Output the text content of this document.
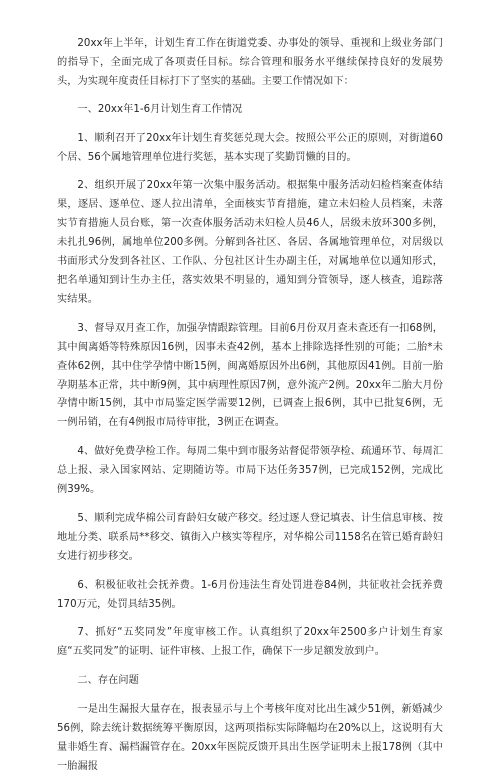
20xx年上半年，计划生育工作在街道党委、办事处的领导、重视和上级业务部门的指导下，全面完成了各项责任目标。综合管理和服务水平继续保持良好的发展势头，为实现年度责任目标打下了坚实的基础。主要工作情况如下：

一、20xx年1-6月计划生育工作情况

1、顺利召开了20xx年计划生育奖惩兑现大会。按照公平公正的原则，对街道60个居、56个属地管理单位进行奖惩，基本实现了奖勤罚懒的目的。

2、组织开展了20xx年第一次集中服务活动。根据集中服务活动妇检档案查体结果，逐居、逐单位、逐人拉出清单，全面核实节育措施，建立未妇检人员档案，未落实节育措施人员台账，第一次查体服务活动未妇检人员46人，居级未放环300多例，未扎扎96例，属地单位200多例。分解到各社区、各居、各属地管理单位，对居级以书面形式分发到各社区、工作队、分包社区计生办副主任，对属地单位以通知形式，把名单通知到计生办主任，落实效果不明显的，通知到分管领导，逐人核查，追踪落实结果。

3、督导双月查工作，加强孕情跟踪管理。目前6月份双月查未查还有一扣68例，其中闽离婚等特殊原因16例，因事未查42例，基本上排除选择性别的可能；二胎*未查体62例，其中住学孕情中断15例，闽离婚原因外出6例，其他原因41例。目前一胎孕期基本正常，共中断9例，其中病理性原因7例，意外流产2例。20xx年二胎大月份孕情中断15例，其中市局鉴定医学需要12例，已调查上报6例，其中已批复6例，无一例吊销，在有4例报市局待审批，3例正在调查。

4、做好免费孕检工作。每周二集中到市服务站督促带领孕检、疏通环节、每周汇总上报、录入国家网站、定期随访等。市局下达任务357例，已完成152例，完成比例39%。

5、顺利完成华棉公司育龄妇女破产移交。经过逐人登记填表、计生信息审核、按地址分类、联系局**移交、镇街入户核实等程序，对华棉公司1158名在管已婚育龄妇女进行初步移交。

6、积极征收社会抚养费。1-6月份违法生育处罚进卷84例，共征收社会抚养费170万元，处罚具结35例。

7、抓好“五奖同发”年度审核工作。认真组织了20xx年2500多户计划生育家庭“五奖同发”的证明、证件审核、上报工作，确保下一步足额发放到户。

二、存在问题

一是出生漏报大量存在，报表显示与上个考核年度对比出生减少51例，新婚减少56例，除去统计数据统筹平衡原因，这两项指标实际降幅均在20%以上，这说明有大量非婚生育、漏档漏管存在。20xx年医院反馈开具出生医学证明未上报178例（其中一胎漏报
